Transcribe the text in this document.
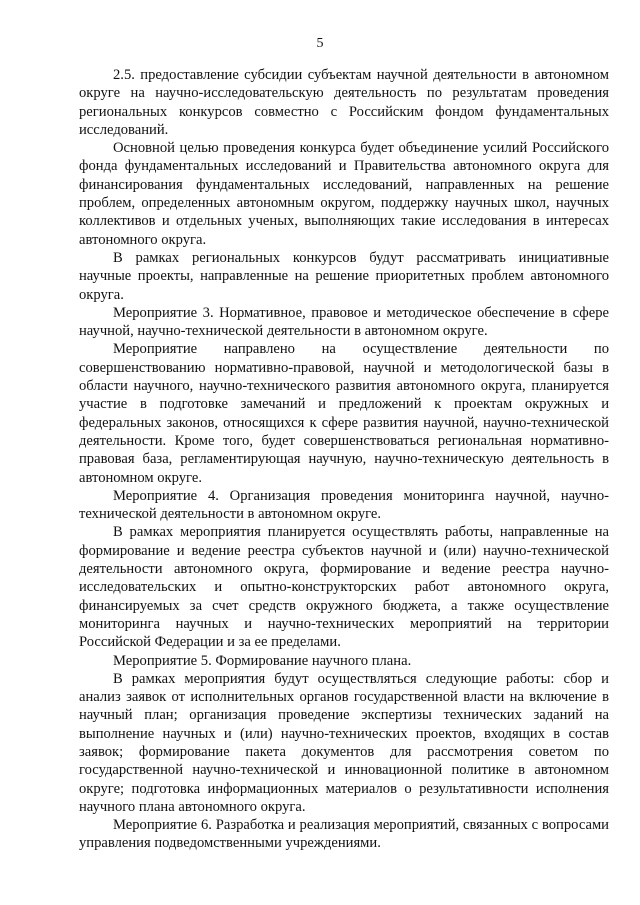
5

2.5. предоставление субсидии субъектам научной деятельности в автономном округе на научно-исследовательскую деятельность по результатам проведения региональных конкурсов совместно с Российским фондом фундаментальных исследований.

Основной целью проведения конкурса будет объединение усилий Российского фонда фундаментальных исследований и Правительства автономного округа для финансирования фундаментальных исследований, направленных на решение проблем, определенных автономным округом, поддержку научных школ, научных коллективов и отдельных ученых, выполняющих такие исследования в интересах автономного округа.

В рамках региональных конкурсов будут рассматривать инициативные научные проекты, направленные на решение приоритетных проблем автономного округа.

Мероприятие 3. Нормативное, правовое и методическое обеспечение в сфере научной, научно-технической деятельности в автономном округе.

Мероприятие направлено на осуществление деятельности по совершенствованию нормативно-правовой, научной и методологической базы в области научного, научно-технического развития автономного округа, планируется участие в подготовке замечаний и предложений к проектам окружных и федеральных законов, относящихся к сфере развития научной, научно-технической деятельности. Кроме того, будет совершенствоваться региональная нормативно-правовая база, регламентирующая научную, научно-техническую деятельность в автономном округе.

Мероприятие 4. Организация проведения мониторинга научной, научно-технической деятельности в автономном округе.

В рамках мероприятия планируется осуществлять работы, направленные на формирование и ведение реестра субъектов научной и (или) научно-технической деятельности автономного округа, формирование и ведение реестра научно-исследовательских и опытно-конструкторских работ автономного округа, финансируемых за счет средств окружного бюджета, а также осуществление мониторинга научных и научно-технических мероприятий на территории Российской Федерации и за ее пределами.

Мероприятие 5. Формирование научного плана.

В рамках мероприятия будут осуществляться следующие работы: сбор и анализ заявок от исполнительных органов государственной власти на включение в научный план; организация проведение экспертизы технических заданий на выполнение научных и (или) научно-технических проектов, входящих в состав заявок; формирование пакета документов для рассмотрения советом по государственной научно-технической и инновационной политике в автономном округе; подготовка информационных материалов о результативности исполнения научного плана автономного округа.

Мероприятие 6. Разработка и реализация мероприятий, связанных с вопросами управления подведомственными учреждениями.
